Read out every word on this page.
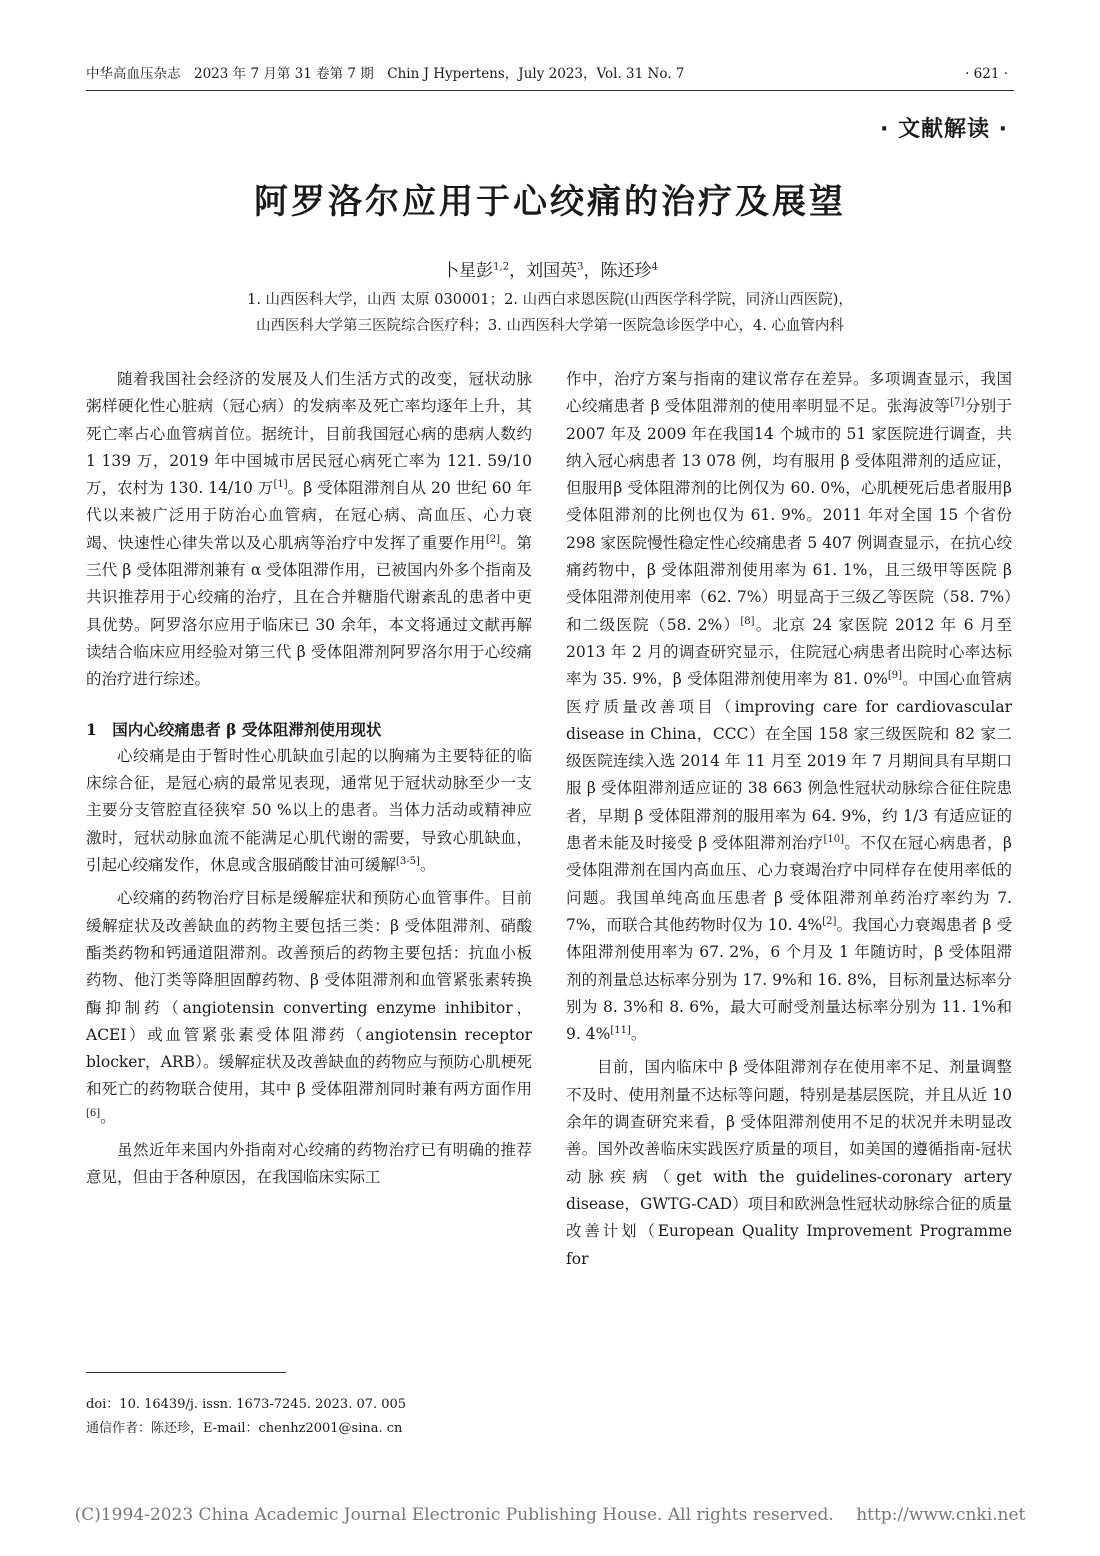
中华高血压杂志　2023 年 7 月第 31 卷第 7 期　Chin J Hypertens，July 2023，Vol. 31 No. 7	· 621 ·
· 文献解读 ·
阿罗洛尔应用于心绞痛的治疗及展望
卜星彭$^{1,2}$，刘国英$^3$，陈还珍$^4$
1. 山西医科大学，山西 太原 030001；2. 山西白求恩医院(山西医学科学院，同济山西医院)，
山西医科大学第三医院综合医疗科；3. 山西医科大学第一医院急诊医学中心，4. 心血管内科

随着我国社会经济的发展及人们生活方式的改变，冠状动脉粥样硬化性心脏病（冠心病）的发病率及死亡率均逐年上升，其死亡率占心血管病首位。据统计，目前我国冠心病的患病人数约 1 139 万，2019 年中国城市居民冠心病死亡率为 121. 59/10 万，农村为 130. 14/10 万[1]。β 受体阻滞剂自从 20 世纪 60 年代以来被广泛用于防治心血管病，在冠心病、高血压、心力衰竭、快速性心律失常以及心肌病等治疗中发挥了重要作用[2]。第三代 β 受体阻滞剂兼有 α 受体阻滞作用，已被国内外多个指南及共识推荐用于心绞痛的治疗，且在合并糖脂代谢紊乱的患者中更具优势。阿罗洛尔应用于临床已 30 余年，本文将通过文献再解读结合临床应用经验对第三代 β 受体阻滞剂阿罗洛尔用于心绞痛的治疗进行综述。

1　国内心绞痛患者 β 受体阻滞剂使用现状

心绞痛是由于暂时性心肌缺血引起的以胸痛为主要特征的临床综合征，是冠心病的最常见表现，通常见于冠状动脉至少一支主要分支管腔直径狭窄 50 %以上的患者。当体力活动或精神应激时，冠状动脉血流不能满足心肌代谢的需要，导致心肌缺血，引起心绞痛发作，休息或含服硝酸甘油可缓解[3-5]。

心绞痛的药物治疗目标是缓解症状和预防心血管事件。目前缓解症状及改善缺血的药物主要包括三类：β 受体阻滞剂、硝酸酯类药物和钙通道阻滞剂。改善预后的药物主要包括：抗血小板药物、他汀类等降胆固醇药物、β 受体阻滞剂和血管紧张素转换酶抑制药（angiotensin converting enzyme inhibitor，ACEI）或血管紧张素受体阻滞药（angiotensin receptor blocker，ARB）。缓解症状及改善缺血的药物应与预防心肌梗死和死亡的药物联合使用，其中 β 受体阻滞剂同时兼有两方面作用[6]。

虽然近年来国内外指南对心绞痛的药物治疗已有明确的推荐意见，但由于各种原因，在我国临床实际工

作中，治疗方案与指南的建议常存在差异。多项调查显示，我国心绞痛患者 β 受体阻滞剂的使用率明显不足。张海波等[7]分别于 2007 年及 2009 年在我国14 个城市的 51 家医院进行调查，共纳入冠心病患者 13 078 例，均有服用 β 受体阻滞剂的适应证，但服用β 受体阻滞剂的比例仅为 60. 0%，心肌梗死后患者服用β 受体阻滞剂的比例也仅为 61. 9%。2011 年对全国 15 个省份 298 家医院慢性稳定性心绞痛患者 5 407 例调查显示，在抗心绞痛药物中，β 受体阻滞剂使用率为 61. 1%，且三级甲等医院 β 受体阻滞剂使用率（62. 7%）明显高于三级乙等医院（58. 7%）和二级医院（58. 2%）[8]。北京 24 家医院 2012 年 6 月至 2013 年 2 月的调查研究显示，住院冠心病患者出院时心率达标率为 35. 9%，β 受体阻滞剂使用率为 81. 0%[9]。中国心血管病医疗质量改善项目（improving care for cardiovascular disease in China，CCC）在全国 158 家三级医院和 82 家二级医院连续入选 2014 年 11 月至 2019 年 7 月期间具有早期口服 β 受体阻滞剂适应证的 38 663 例急性冠状动脉综合征住院患者，早期 β 受体阻滞剂的服用率为 64. 9%，约 1/3 有适应证的患者未能及时接受 β 受体阻滞剂治疗[10]。不仅在冠心病患者，β 受体阻滞剂在国内高血压、心力衰竭治疗中同样存在使用率低的问题。我国单纯高血压患者 β 受体阻滞剂单药治疗率约为 7. 7%，而联合其他药物时仅为 10. 4%[2]。我国心力衰竭患者 β 受体阻滞剂使用率为 67. 2%，6 个月及 1 年随访时，β 受体阻滞剂的剂量总达标率分别为 17. 9%和 16. 8%，目标剂量达标率分别为 8. 3%和 8. 6%，最大可耐受剂量达标率分别为 11. 1%和 9. 4%[11]。

目前，国内临床中 β 受体阻滞剂存在使用率不足、剂量调整不及时、使用剂量不达标等问题，特别是基层医院，并且从近 10 余年的调查研究来看，β 受体阻滞剂使用不足的状况并未明显改善。国外改善临床实践医疗质量的项目，如美国的遵循指南-冠状动脉疾病（get with the guidelines-coronary artery disease，GWTG-CAD）项目和欧洲急性冠状动脉综合征的质量改善计划（European Quality Improvement Programme for

doi：10. 16439/j. issn. 1673-7245. 2023. 07. 005
通信作者：陈还珍，E-mail：chenhz2001@sina. cn
(C)1994-2023 China Academic Journal Electronic Publishing House. All rights reserved.　 http://www.cnki.net
